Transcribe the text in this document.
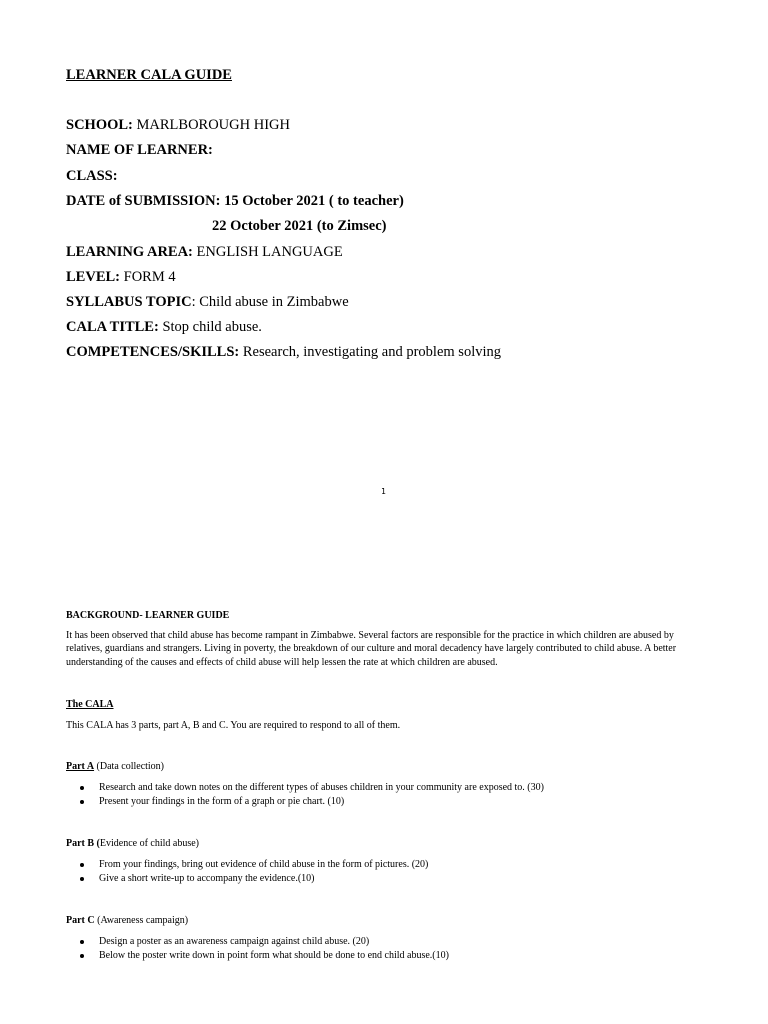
LEARNER CALA GUIDE
SCHOOL: MARLBOROUGH HIGH
NAME OF LEARNER:
CLASS:
DATE of SUBMISSION: 15 October 2021 ( to teacher)
22 October 2021 (to Zimsec)
LEARNING AREA: ENGLISH LANGUAGE
LEVEL: FORM 4
SYLLABUS TOPIC: Child abuse in Zimbabwe
CALA TITLE: Stop child abuse.
COMPETENCES/SKILLS: Research, investigating and problem solving
1
BACKGROUND- LEARNER GUIDE
It has been observed that child abuse has become rampant in Zimbabwe. Several factors are responsible for the practice in which children are abused by relatives, guardians and strangers. Living in poverty, the breakdown of our culture and moral decadency have largely contributed to child abuse. A better understanding of the causes and effects of child abuse will help lessen the rate at which children are abused.
The CALA
This CALA has 3 parts, part A, B and C. You are required to respond to all of them.
Part A (Data collection)
Research and take down notes on the different types of abuses children in your community are exposed to. (30)
Present your findings in the form of a graph or pie chart. (10)
Part B (Evidence of child abuse)
From your findings, bring out evidence of child abuse in the form of pictures. (20)
Give a short write-up to accompany the evidence.(10)
Part C (Awareness campaign)
Design a poster as an awareness campaign against child abuse. (20)
Below the poster write down in point form what should be done to end child abuse.(10)
